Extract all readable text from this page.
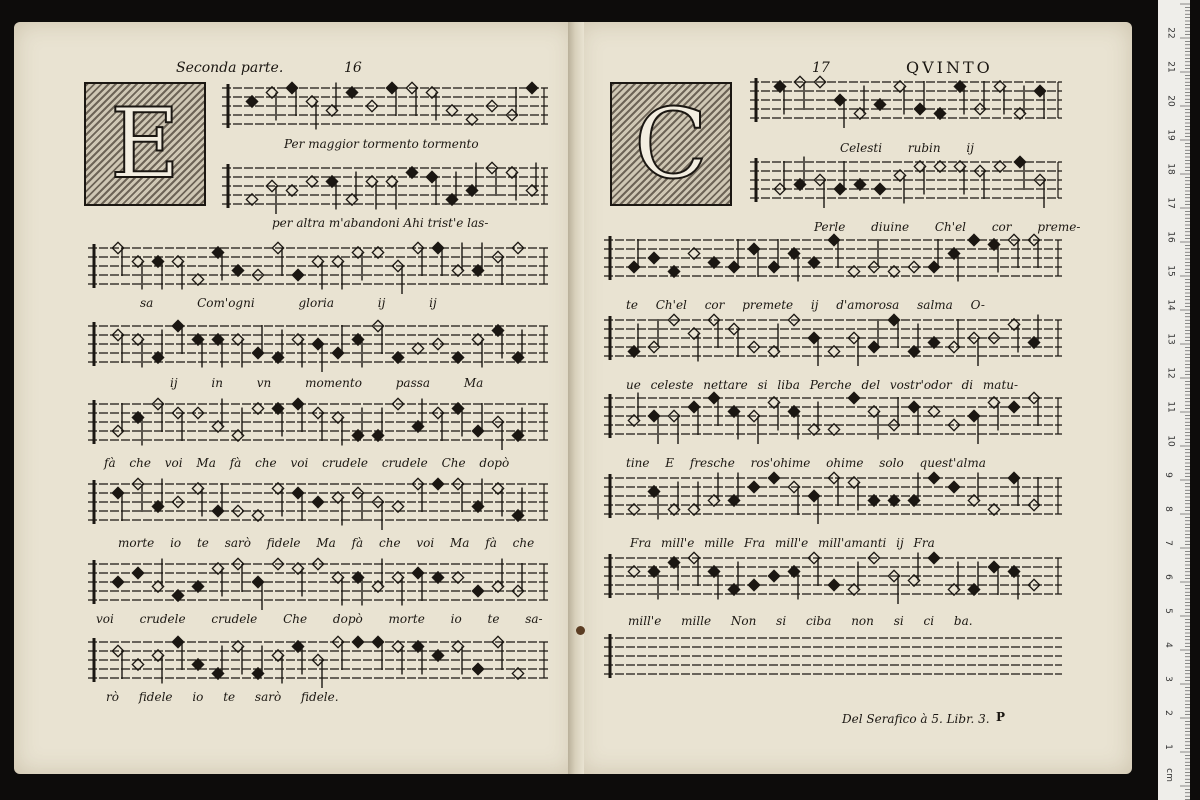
Seconda parte.	16	17	QVINTO
E	C
Per maggior tormento tormento
per altra m'abandoni Ahi trist'e las-
sa Com'ogni gloria ij ij
ij in vn momento passa Ma
fà che voi Ma fà che voi crudele crudele Che dopò
morte io te sarò fidele Ma fà che voi Ma fà che
voi crudele crudele Che dopò morte io te sa-
rò fidele io te sarò fidele.
Celesti rubin ij
Perle diuine Ch'el cor preme-
te Ch'el cor premete ij d'amorosa salma O-
ue celeste nettare si liba Perche del vostr'odor di matu-
tine E fresche ros'ohime ohime solo quest'alma
Fra mill'e mille Fra mill'e mill'amanti ij Fra
mill'e mille Non si ciba non si ci ba.
Del Serafico à 5. Libr. 3. P
cm
1
2
3
4
5
6
7
8
9
10
11
12
13
14
15
16
17
18
19
20
21
22
